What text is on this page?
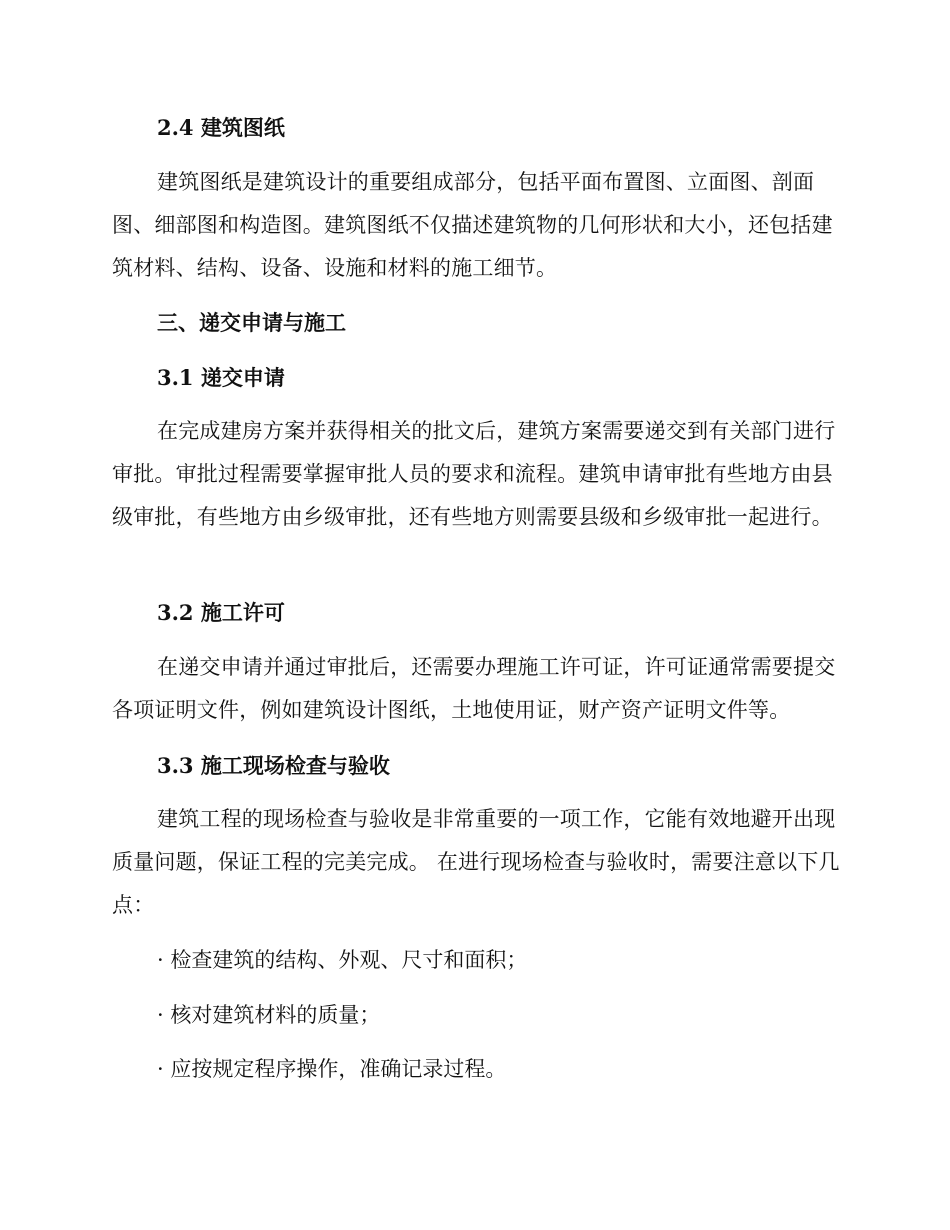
2.4 建筑图纸

建筑图纸是建筑设计的重要组成部分，包括平面布置图、立面图、剖面图、细部图和构造图。建筑图纸不仅描述建筑物的几何形状和大小，还包括建筑材料、结构、设备、设施和材料的施工细节。

三、递交申请与施工
3.1 递交申请

在完成建房方案并获得相关的批文后，建筑方案需要递交到有关部门进行审批。审批过程需要掌握审批人员的要求和流程。建筑申请审批有些地方由县级审批，有些地方由乡级审批，还有些地方则需要县级和乡级审批一起进行。

3.2 施工许可

在递交申请并通过审批后，还需要办理施工许可证，许可证通常需要提交各项证明文件，例如建筑设计图纸，土地使用证，财产资产证明文件等。

3.3 施工现场检查与验收

建筑工程的现场检查与验收是非常重要的一项工作，它能有效地避开出现质量问题，保证工程的完美完成。 在进行现场检查与验收时，需要注意以下几点：

· 检查建筑的结构、外观、尺寸和面积；
· 核对建筑材料的质量；
· 应按规定程序操作，准确记录过程。
